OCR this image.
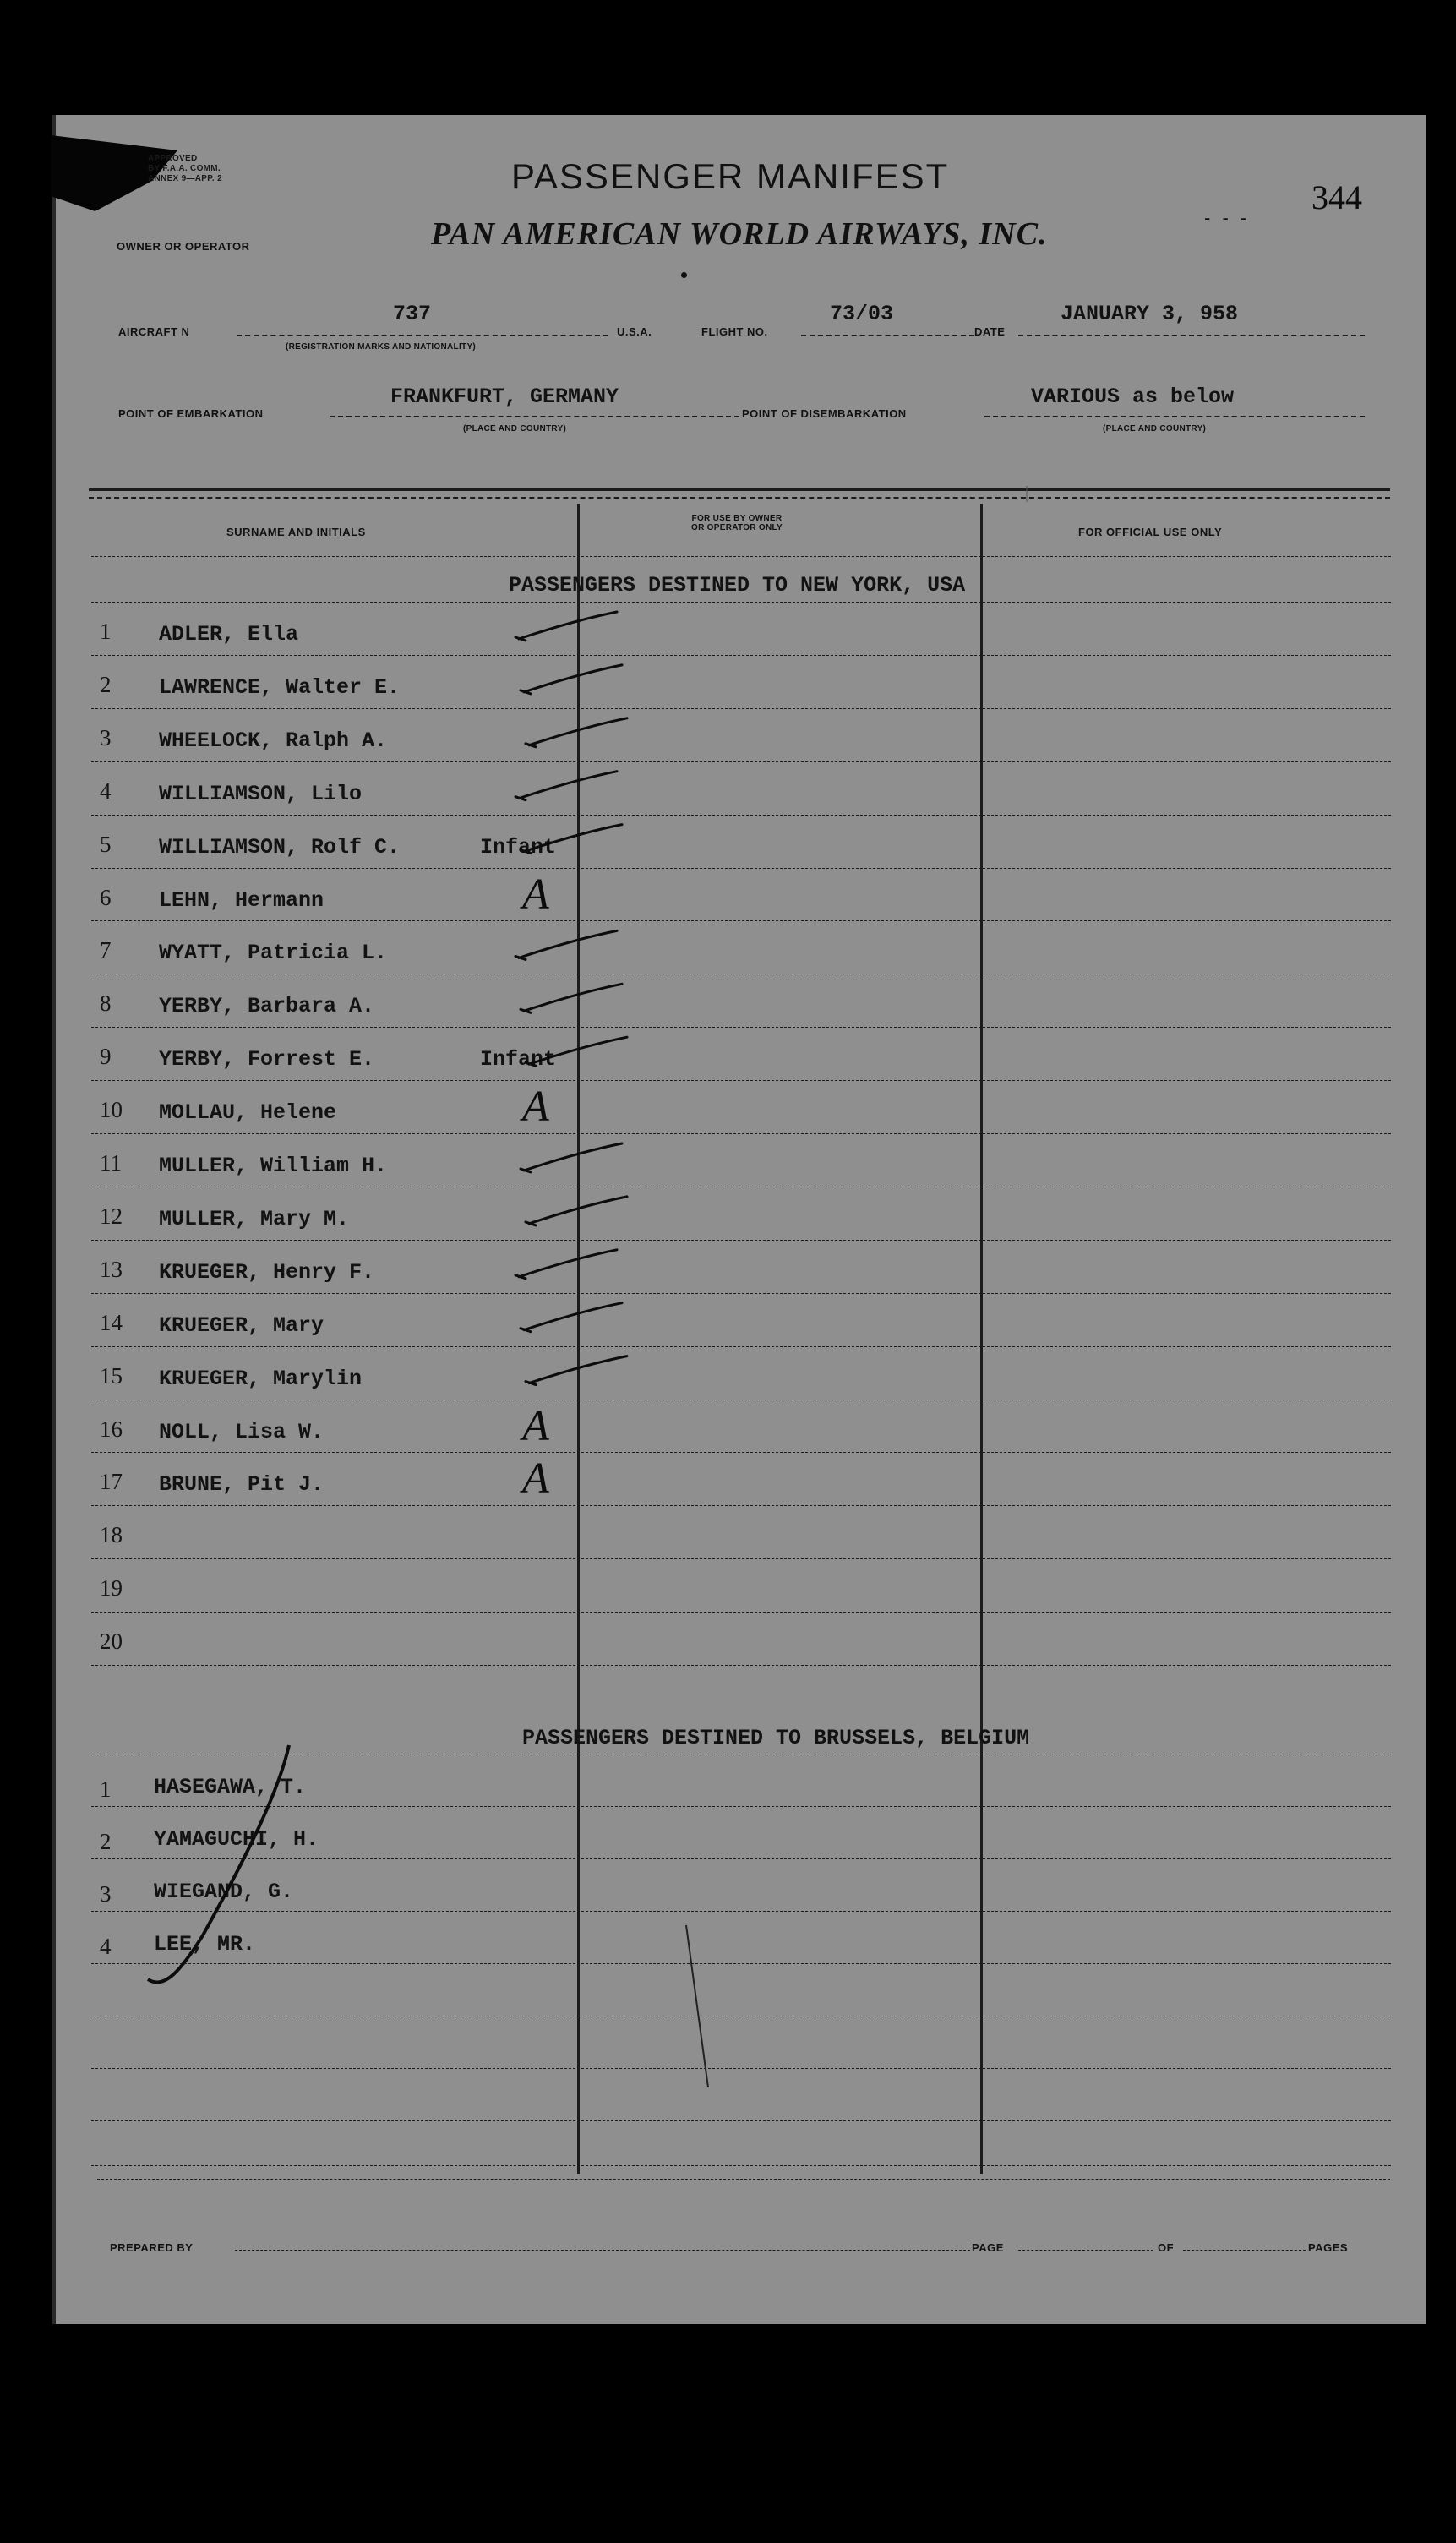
APPROVED
BY F.A.A. COMM.
ANNEX 9—APP. 2	344
- - -
PASSENGER MANIFEST
OWNER OR OPERATOR	PAN AMERICAN WORLD AIRWAYS, INC.
AIRCRAFT N
737
(REGISTRATION MARKS AND NATIONALITY)
U.S.A.	FLIGHT NO.
73/03
DATE
JANUARY 3, 958
POINT OF EMBARKATION
FRANKFURT, GERMANY
(PLACE AND COUNTRY)
POINT OF DISEMBARKATION
VARIOUS as below
(PLACE AND COUNTRY)
SURNAME AND INITIALS
FOR USE BY OWNER
OR OPERATOR ONLY	FOR OFFICIAL USE ONLY
PASSENGERS DESTINED TO NEW YORK, USA
1 ADLER, Ella
2 LAWRENCE, Walter E.
3 WHEELOCK, Ralph A.
4 WILLIAMSON, Lilo
5 WILLIAMSON, Rolf C.	Infant
6 LEHN, Hermann	A
7 WYATT, Patricia L.
8 YERBY, Barbara A.
9 YERBY, Forrest E.	Infant
10 MOLLAU, Helene	A
11 MULLER, William H.
12 MULLER, Mary M.
13 KRUEGER, Henry F.
14 KRUEGER, Mary
15 KRUEGER, Marylin
16 NOLL, Lisa W.	A
17 BRUNE, Pit J.	A
18
19
20
PASSENGERS DESTINED TO BRUSSELS, BELGIUM
1 HASEGAWA, T.
2 YAMAGUCHI, H.
3 WIEGAND, G.
4 LEE, MR.
PREPARED BY	PAGE	OF	PAGES
